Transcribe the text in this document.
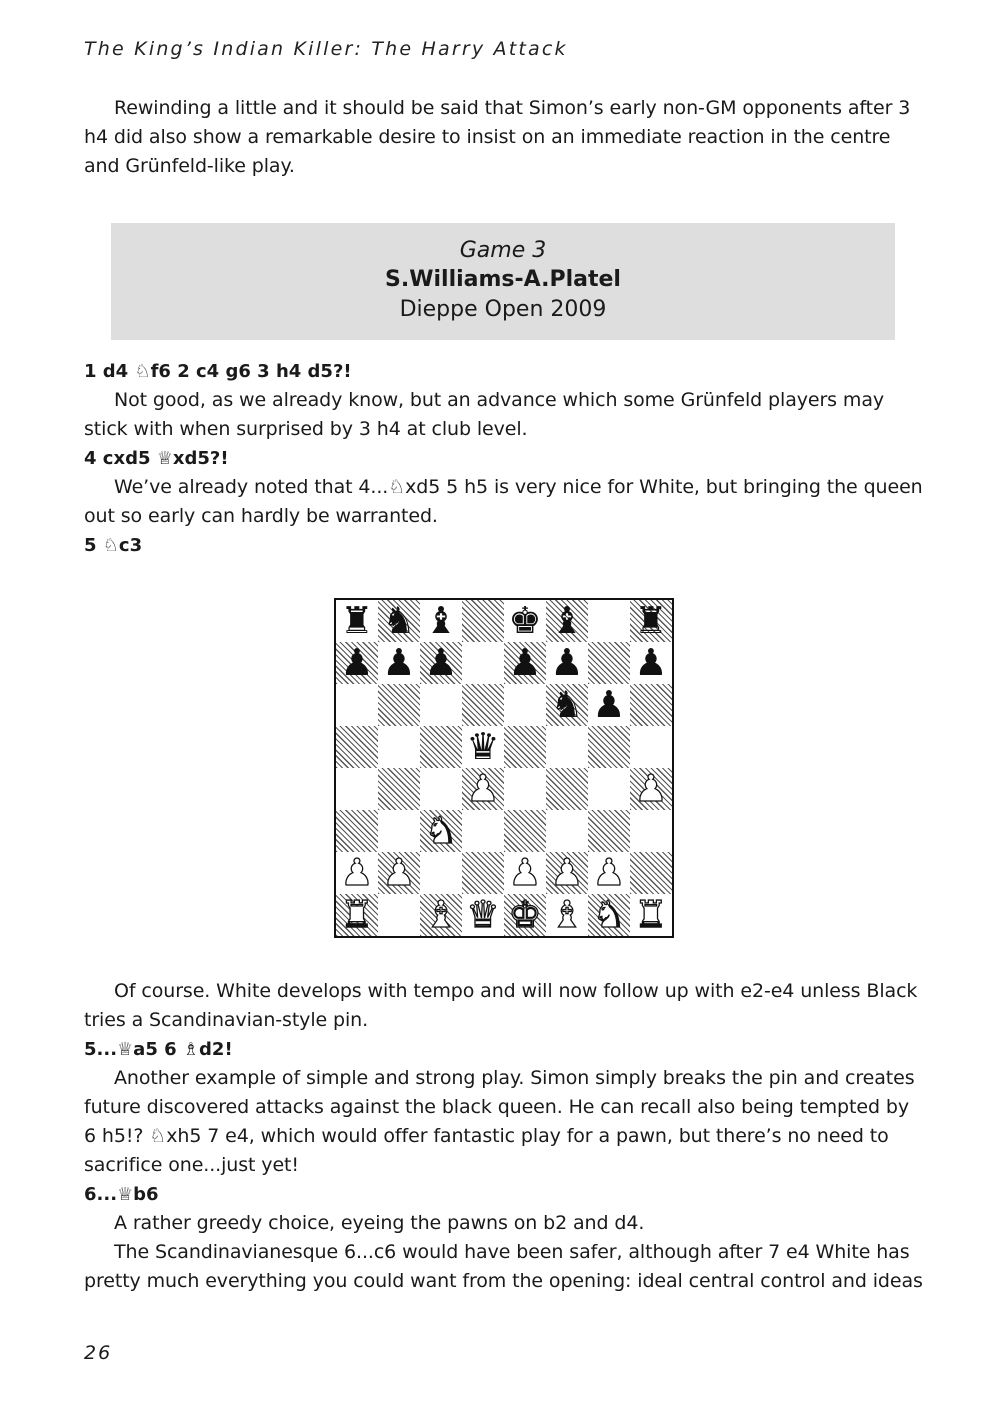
The King’s Indian Killer: The Harry Attack

Rewinding a little and it should be said that Simon’s early non-GM opponents after 3 h4 did also show a remarkable desire to insist on an immediate reaction in the centre and Grünfeld-like play.

Game 3
S.Williams-A.Platel
Dieppe Open 2009
1 d4 ♘f6 2 c4 g6 3 h4 d5?!

Not good, as we already know, but an advance which some Grünfeld players may stick with when surprised by 3 h4 at club level.

4 cxd5 ♕xd5?!

We’ve already noted that 4...♘xd5 5 h5 is very nice for White, but bringing the queen out so early can hardly be warranted.

5 ♘c3
♜ ♞ ♝ ♚ ♝ ♜
♟ ♟ ♟ ♟ ♟ ♟
♞ ♟
♛
♟	♟
♞
♟ ♟	♟ ♟ ♟
♜ ♝ ♛ ♚ ♝ ♞ ♜

Of course. White develops with tempo and will now follow up with e2-e4 unless Black tries a Scandinavian-style pin.

5...♕a5 6 ♗d2!

Another example of simple and strong play. Simon simply breaks the pin and creates future discovered attacks against the black queen. He can recall also being tempted by 6 h5!? ♘xh5 7 e4, which would offer fantastic play for a pawn, but there’s no need to sacrifice one...just yet!

6...♕b6

A rather greedy choice, eyeing the pawns on b2 and d4.

The Scandinavianesque 6...c6 would have been safer, although after 7 e4 White has pretty much everything you could want from the opening: ideal central control and ideas

26
